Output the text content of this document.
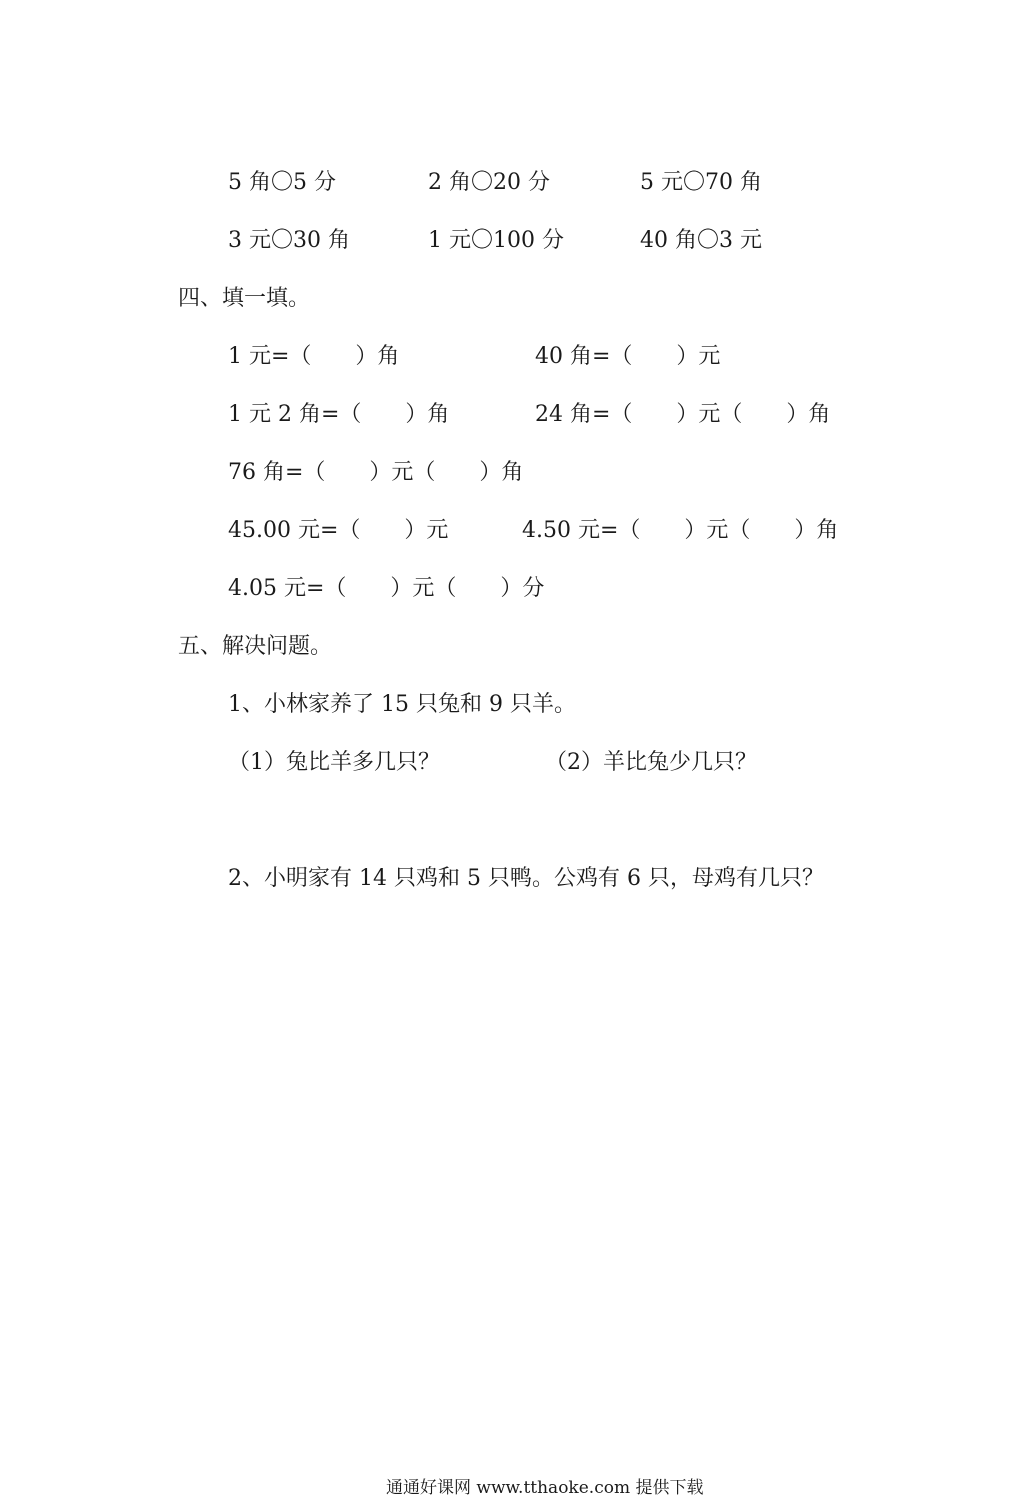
5 角〇5 分	2 角〇20 分	5 元〇70 角
3 元〇30 角	1 元〇100 分	40 角〇3 元
四、填一填。
1 元=（　　）角	40 角=（　　）元
1 元 2 角=（　　）角	24 角=（　　）元（　　）角
76 角=（　　）元（　　）角
45.00 元=（　　）元	4.50 元=（　　）元（　　）角
4.05 元=（　　）元（　　）分
五、解决问题。
1、小林家养了 15 只兔和 9 只羊。
（1）兔比羊多几只？	（2）羊比兔少几只？
2、小明家有 14 只鸡和 5 只鸭。公鸡有 6 只，母鸡有几只？
通通好课网 www.tthaoke.com 提供下载
